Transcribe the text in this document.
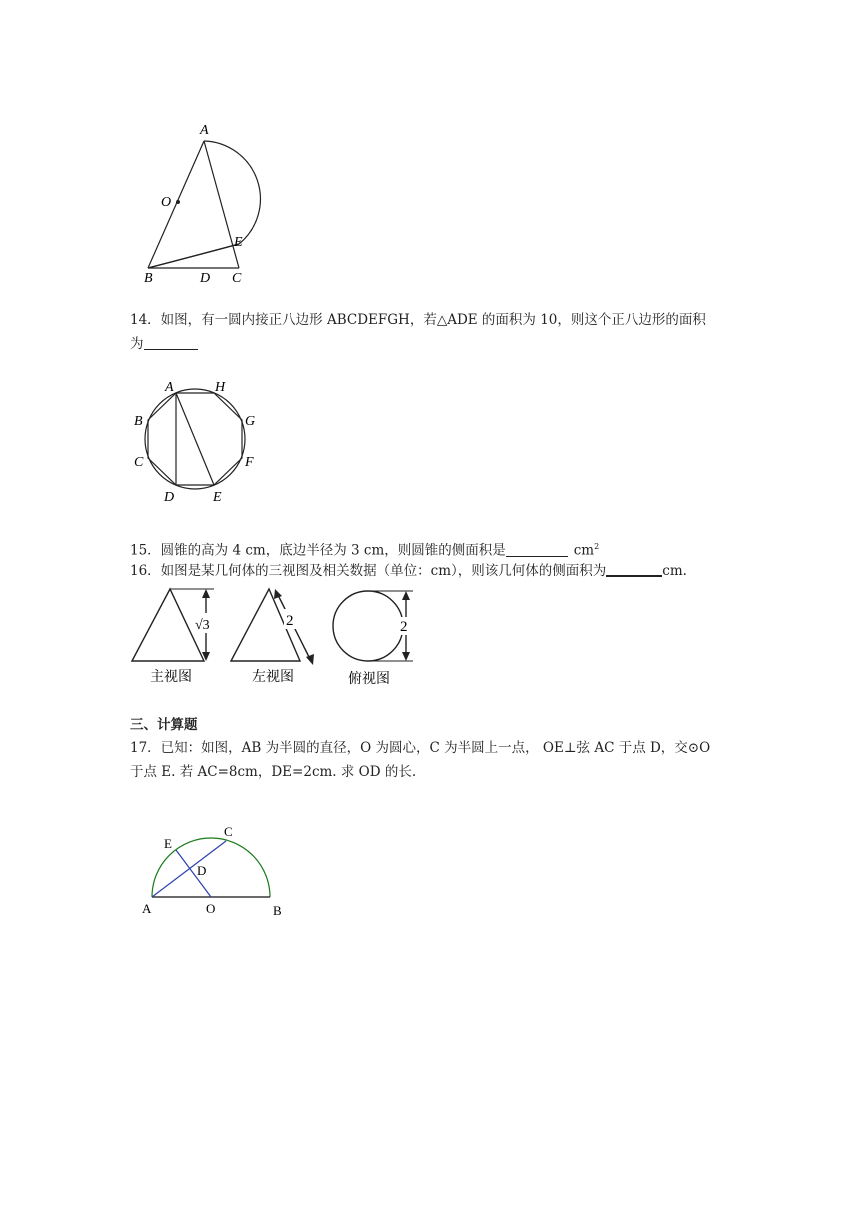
A
O
E
B	D C
14．如图，有一圆内接正八边形 ABCDEFGH，若△ADE 的面积为 10，则这个正八边形的面积
为
A	H
B	G
C	F
D	E
15．圆锥的高为 4 cm，底边半径为 3 cm，则圆锥的侧面积是	$cm^2$
16．如图是某几何体的三视图及相关数据（单位：cm），则该几何体的侧面积为	cm.
√3
主视图
2
左视图
2
俯视图
三、计算题
17．已知：如图，AB 为半圆的直径，O 为圆心，C 为半圆上一点， OE⊥弦 AC 于点 D，交⊙O
于点 E. 若 AC=8cm，DE=2cm. 求 OD 的长.
C
E
D
A	O	B
